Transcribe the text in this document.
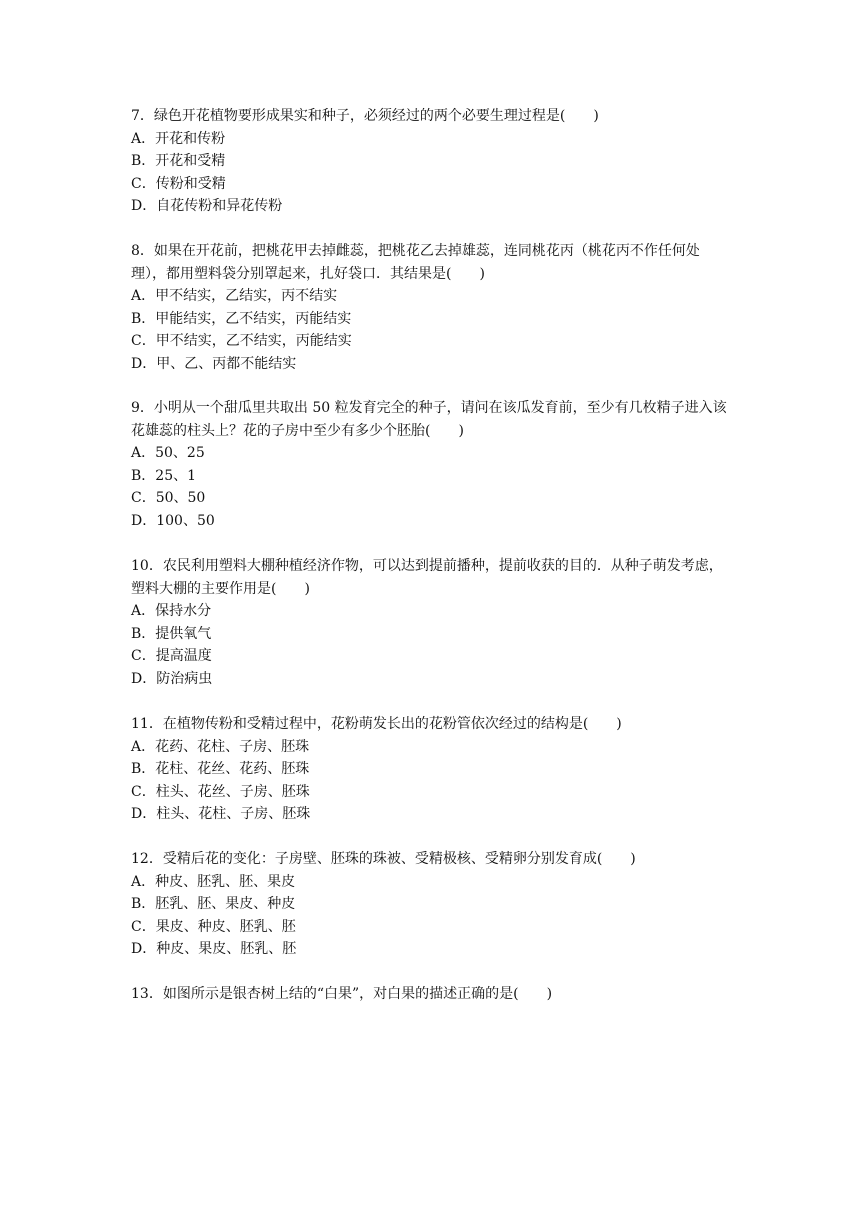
7．绿色开花植物要形成果实和种子，必须经过的两个必要生理过程是(　　)

A．开花和传粉

B．开花和受精

C．传粉和受精

D．自花传粉和异花传粉

8．如果在开花前，把桃花甲去掉雌蕊，把桃花乙去掉雄蕊，连同桃花丙（桃花丙不作任何处理），都用塑料袋分别罩起来，扎好袋口．其结果是(　　)

A．甲不结实，乙结实，丙不结实

B．甲能结实，乙不结实，丙能结实

C．甲不结实，乙不结实，丙能结实

D．甲、乙、丙都不能结实

9．小明从一个甜瓜里共取出 50 粒发育完全的种子，请问在该瓜发育前，至少有几枚精子进入该花雄蕊的柱头上？花的子房中至少有多少个胚胎(　　)

A．50、25

B．25、1

C．50、50

D．100、50

10．农民利用塑料大棚种植经济作物，可以达到提前播种，提前收获的目的．从种子萌发考虑，塑料大棚的主要作用是(　　)

A．保持水分

B．提供氧气

C．提高温度

D．防治病虫

11．在植物传粉和受精过程中，花粉萌发长出的花粉管依次经过的结构是(　　)

A．花药、花柱、子房、胚珠

B．花柱、花丝、花药、胚珠

C．柱头、花丝、子房、胚珠

D．柱头、花柱、子房、胚珠

12．受精后花的变化：子房壁、胚珠的珠被、受精极核、受精卵分别发育成(　　)

A．种皮、胚乳、胚、果皮

B．胚乳、胚、果皮、种皮

C．果皮、种皮、胚乳、胚

D．种皮、果皮、胚乳、胚

13．如图所示是银杏树上结的“白果”，对白果的描述正确的是(　　)
